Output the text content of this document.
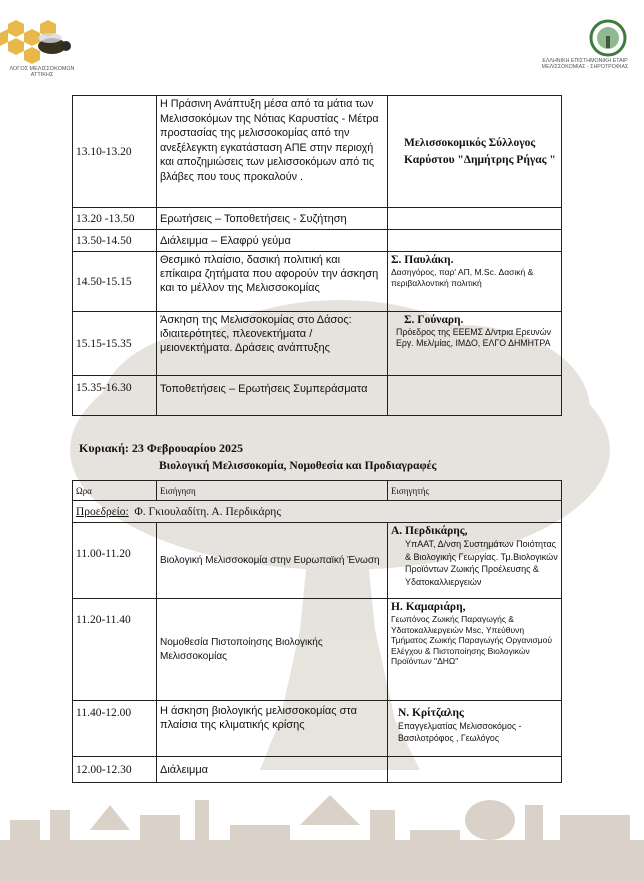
ΛΟΓΟΣ ΜΕΛΙΣΣΟΚΟΜΩΝ
ΑΤΤΙΚΗΣ
ΕΛΛΗΝΙΚΗ ΕΠΙΣΤΗΜΟΝΙΚΗ ΕΤΑΙΡ
ΜΕΛΙΣΣΟΚΟΜΙΑΣ - ΣΗΡΟΤΡΟΦΙΑΣ
13.10-13.20	Η Πράσινη Ανάπτυξη μέσα από τα μάτια των Μελισσοκόμων της Νότιας Καρυστίας - Μέτρα προστασίας της μελισσοκομίας από την ανεξέλεγκτη εγκατάσταση ΑΠΕ στην περιοχή και αποζημιώσεις των μελισσοκόμων από τις βλάβες που τους προκαλούν .	Μελισσοκομικός Σύλλογος Καρύστου "Δημήτρης Ρήγας "

13.20 -13.50	Ερωτήσεις – Τοποθετήσεις - Συζήτηση	
13.50-14.50	Διάλειμμα – Ελαφρύ γεύμα	
14.50-15.15	Θεσμικό πλαίσιο, δασική πολιτική και επίκαιρα ζητήματα που αφορούν την άσκηση και το μέλλον της Μελισσοκομίας	Σ. Παυλάκη.
Δασηγόρος, παρ' ΑΠ, M.Sc. Δασική & περιβαλλοντική πολιτική

15.15-15.35	Άσκηση της Μελισσοκομίας στο Δάσος: ιδιαιτερότητες, πλεονεκτήματα / μειονεκτήματα. Δράσεις ανάπτυξης	Σ. Γούναρη.
Πρόεδρος της ΕΕΕΜΣ Δ/ντρια Ερευνών Εργ. Μελ/μίας, ΙΜΔΟ, ΕΛΓΟ ΔΗΜΗΤΡΑ

15.35-16.30	Τοποθετήσεις – Ερωτήσεις Συμπεράσματα	
Κυριακή: 23 Φεβρουαρίου 2025
Βιολογική Μελισσοκομία, Νομοθεσία και Προδιαγραφές
Ωρα	Εισήγηση	Εισηγητής
Προεδρείο: Φ. Γκιουλαδίτη. Α. Περδικάρης		
11.00-11.20	Βιολογική Μελισσοκομία στην Ευρωπαϊκή Ένωση	Α. Περδικάρης,
ΥπΑΑΤ, Δ/νση Συστημάτων Ποιότητας & Βιολογικής Γεωργίας. Τμ.Βιολογικών Προϊόντων Ζωικής Προέλευσης & Υδατοκαλλιεργειών

11.20-11.40	Νομοθεσία Πιστοποίησης Βιολογικής Μελισσοκομίας	Η. Καμαριάρη,
Γεωπόνος Ζωικής Παραγωγής & Υδατοκαλλιεργειών Msc, Υπεύθυνη Τμήματος Ζωικής Παραγωγής Οργανισμού Ελέγχου & Πιστοποίησης Βιολογικών Προϊόντων "ΔΗΩ"

11.40-12.00	Η άσκηση βιολογικής μελισσοκομίας στα πλαίσια της κλιματικής κρίσης	Ν. Κρίτζαλης
Επαγγελματίας Μελισσοκόμος - Βασιλοτρόφος , Γεωλόγος

12.00-12.30	Διάλειμμα	
